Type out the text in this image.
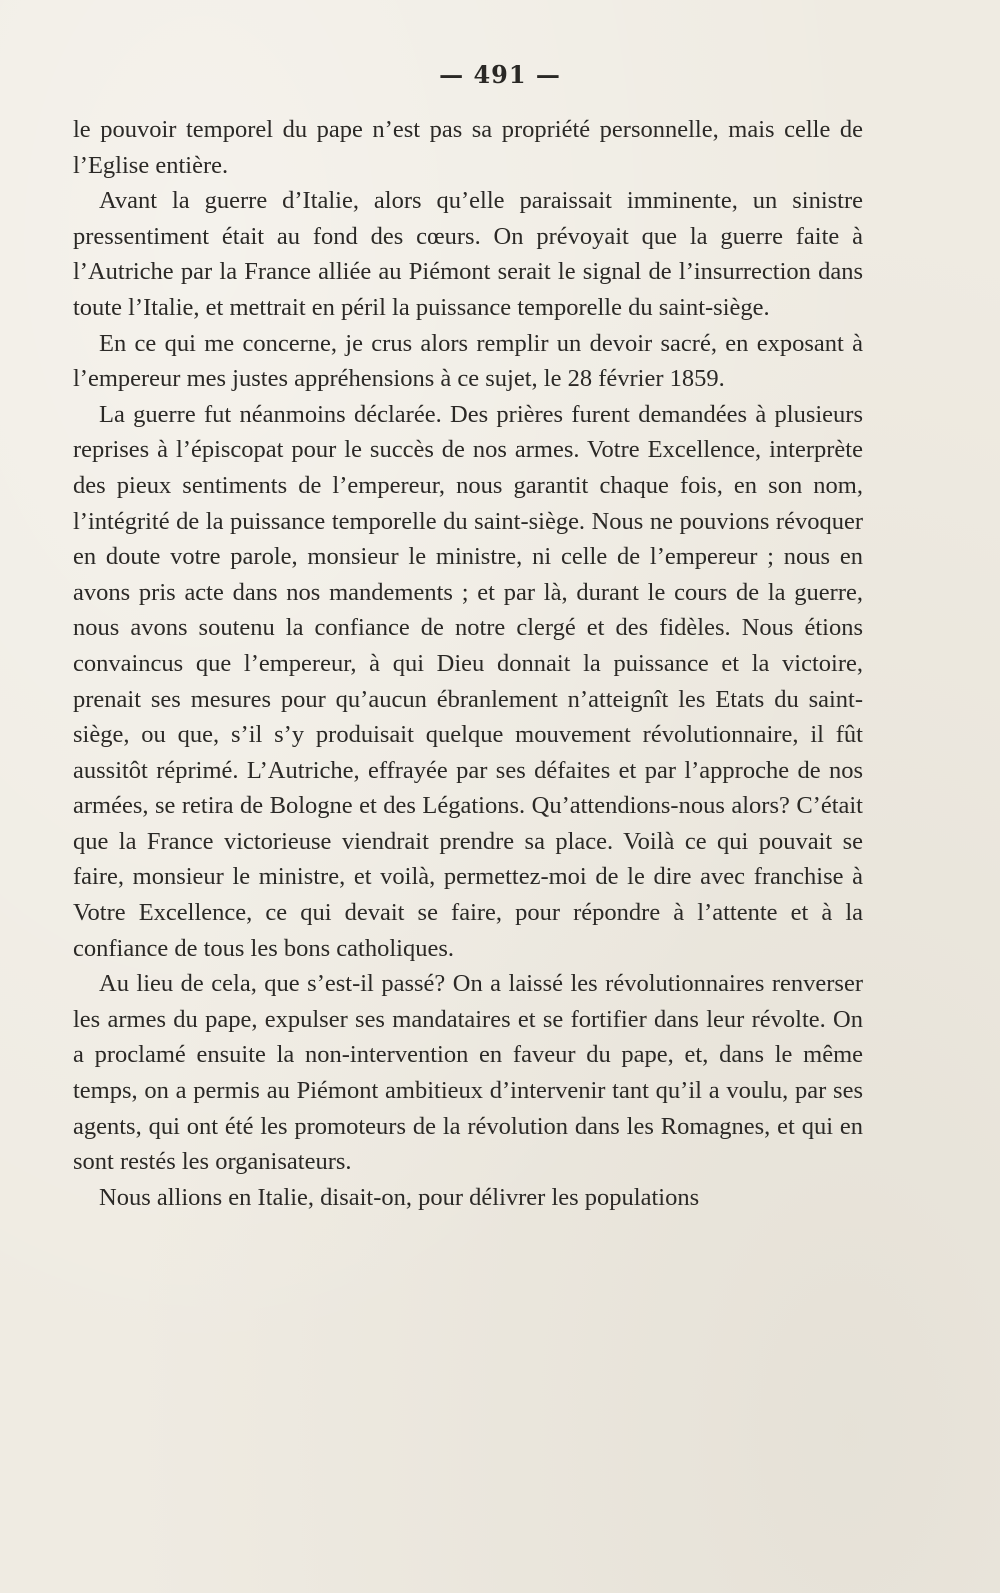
— 491 —

le pouvoir temporel du pape n’est pas sa propriété personnelle, mais celle de l’Eglise entière.

Avant la guerre d’Italie, alors qu’elle paraissait imminente, un sinistre pressentiment était au fond des cœurs. On prévoyait que la guerre faite à l’Autriche par la France alliée au Piémont serait le signal de l’insurrection dans toute l’Italie, et mettrait en péril la puissance temporelle du saint-siège.

En ce qui me concerne, je crus alors remplir un devoir sacré, en exposant à l’empereur mes justes appréhensions à ce sujet, le 28 février 1859.

La guerre fut néanmoins déclarée. Des prières furent demandées à plusieurs reprises à l’épiscopat pour le succès de nos armes. Votre Excellence, interprète des pieux sentiments de l’empereur, nous garantit chaque fois, en son nom, l’intégrité de la puissance temporelle du saint-siège. Nous ne pouvions révoquer en doute votre parole, monsieur le ministre, ni celle de l’empereur ; nous en avons pris acte dans nos mandements ; et par là, durant le cours de la guerre, nous avons soutenu la confiance de notre clergé et des fidèles. Nous étions convaincus que l’empereur, à qui Dieu donnait la puissance et la victoire, prenait ses mesures pour qu’aucun ébranlement n’atteignît les Etats du saint-siège, ou que, s’il s’y produisait quelque mouvement révolutionnaire, il fût aussitôt réprimé. L’Autriche, effrayée par ses défaites et par l’approche de nos armées, se retira de Bologne et des Légations. Qu’attendions-nous alors? C’était que la France victorieuse viendrait prendre sa place. Voilà ce qui pouvait se faire, monsieur le ministre, et voilà, permettez-moi de le dire avec franchise à Votre Excellence, ce qui devait se faire, pour répondre à l’attente et à la confiance de tous les bons catholiques.

Au lieu de cela, que s’est-il passé? On a laissé les révolutionnaires renverser les armes du pape, expulser ses mandataires et se fortifier dans leur révolte. On a proclamé ensuite la non-intervention en faveur du pape, et, dans le même temps, on a permis au Piémont ambitieux d’intervenir tant qu’il a voulu, par ses agents, qui ont été les promoteurs de la révolution dans les Romagnes, et qui en sont restés les organisateurs.

Nous allions en Italie, disait-on, pour délivrer les populations
